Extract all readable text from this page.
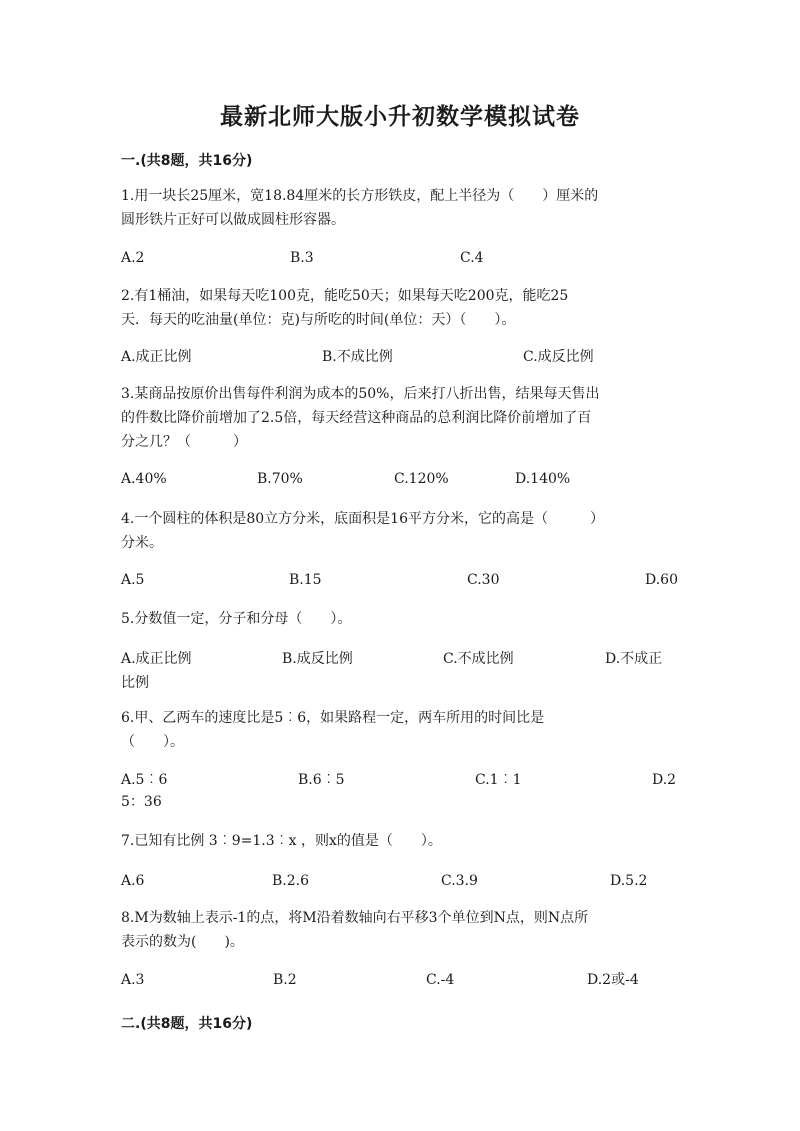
最新北师大版小升初数学模拟试卷
一.(共8题，共16分)
1.用一块长25厘米，宽18.84厘米的长方形铁皮，配上半径为（　　）厘米的
圆形铁片正好可以做成圆柱形容器。
A.2	B.3	C.4
2.有1桶油，如果每天吃100克，能吃50天；如果每天吃200克，能吃25
天．每天的吃油量(单位：克)与所吃的时间(单位：天）（　　）。
A.成正比例	B.不成比例	C.成反比例
3.某商品按原价出售每件利润为成本的50%，后来打八折出售，结果每天售出
的件数比降价前增加了2.5倍，每天经营这种商品的总利润比降价前增加了百
分之几？（　　　）
A.40%	B.70%	C.120%	D.140%
4.一个圆柱的体积是80立方分米，底面积是16平方分米，它的高是（　　　）
分米。
A.5	B.15	C.30	D.60
5.分数值一定，分子和分母（　　）。
A.成正比例	B.成反比例	C.不成比例	D.不成正
比例
6.甲、乙两车的速度比是5︰6，如果路程一定，两车所用的时间比是
（　　）。
A.5︰6	B.6︰5	C.1︰1	D.2
5：36
7.已知有比例 3︰9=1.3︰x ，则x的值是（　　）。
A.6	B.2.6	C.3.9	D.5.2
8.M为数轴上表示-1的点，将M沿着数轴向右平移3个单位到N点，则N点所
表示的数为(　　)。
A.3	B.2	C.-4	D.2或-4
二.(共8题，共16分)
